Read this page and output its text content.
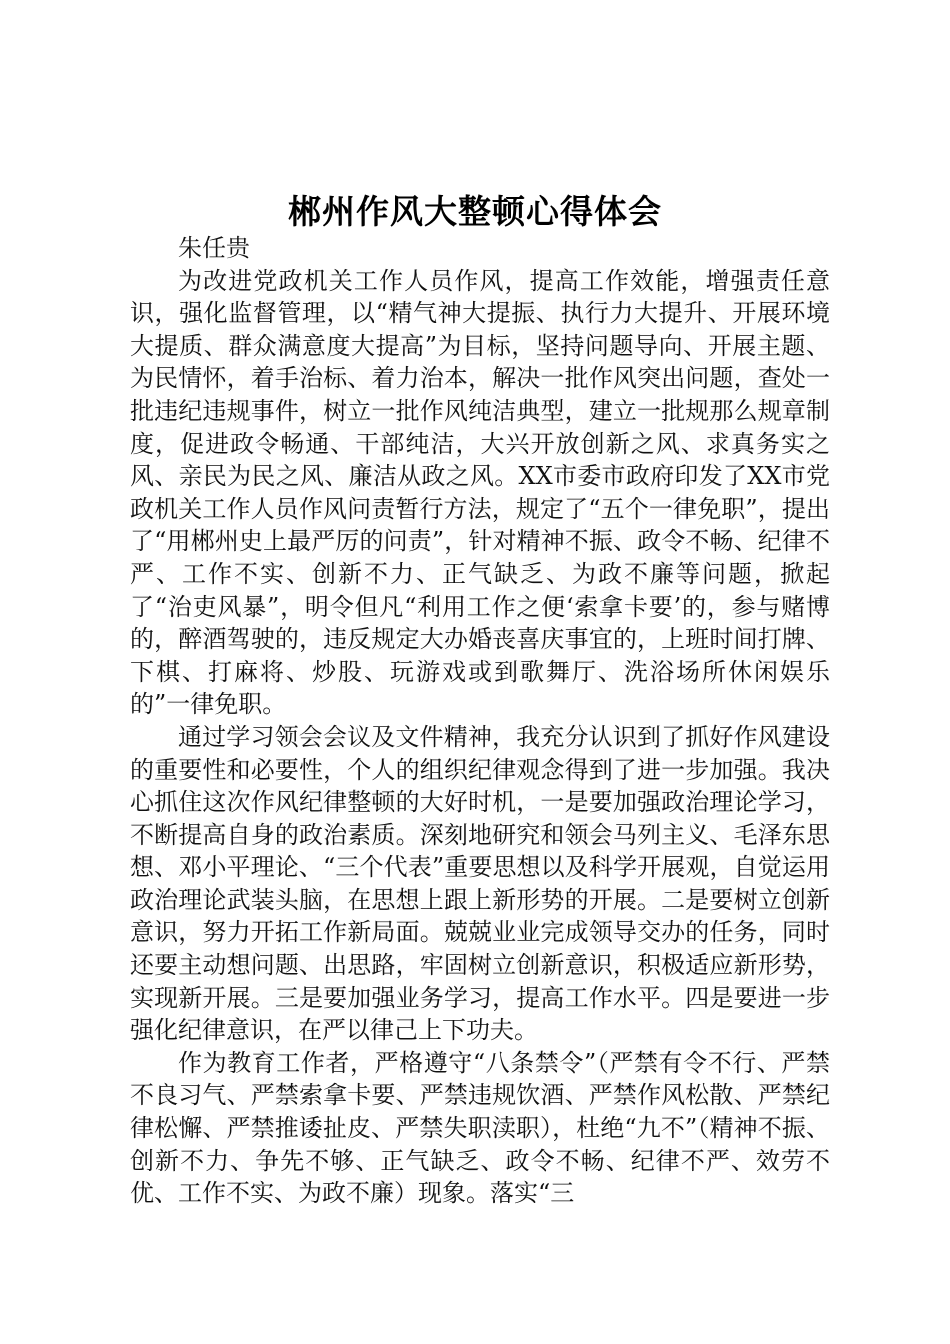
郴州作风大整顿心得体会

朱任贵

为改进党政机关工作人员作风，提高工作效能，增强责任意识，强化监督管理，以“精气神大提振、执行力大提升、开展环境大提质、群众满意度大提高”为目标，坚持问题导向、开展主题、为民情怀，着手治标、着力治本，解决一批作风突出问题，查处一批违纪违规事件，树立一批作风纯洁典型，建立一批规那么规章制度，促进政令畅通、干部纯洁，大兴开放创新之风、求真务实之风、亲民为民之风、廉洁从政之风。XX市委市政府印发了XX市党政机关工作人员作风问责暂行方法，规定了“五个一律免职”，提出了“用郴州史上最严厉的问责”，针对精神不振、政令不畅、纪律不严、工作不实、创新不力、正气缺乏、为政不廉等问题，掀起了“治吏风暴”，明令但凡“利用工作之便‘索拿卡要’的，参与赌博的，醉酒驾驶的，违反规定大办婚丧喜庆事宜的，上班时间打牌、下棋、打麻将、炒股、玩游戏或到歌舞厅、洗浴场所休闲娱乐的”一律免职。

通过学习领会会议及文件精神，我充分认识到了抓好作风建设的重要性和必要性，个人的组织纪律观念得到了进一步加强。我决心抓住这次作风纪律整顿的大好时机，一是要加强政治理论学习，不断提高自身的政治素质。深刻地研究和领会马列主义、毛泽东思想、邓小平理论、“三个代表”重要思想以及科学开展观，自觉运用政治理论武装头脑，在思想上跟上新形势的开展。二是要树立创新意识，努力开拓工作新局面。兢兢业业完成领导交办的任务，同时还要主动想问题、出思路，牢固树立创新意识，积极适应新形势，实现新开展。三是要加强业务学习，提高工作水平。四是要进一步强化纪律意识，在严以律己上下功夫。

作为教育工作者，严格遵守“八条禁令”（严禁有令不行、严禁不良习气、严禁索拿卡要、严禁违规饮酒、严禁作风松散、严禁纪律松懈、严禁推诿扯皮、严禁失职渎职），杜绝“九不”（精神不振、创新不力、争先不够、正气缺乏、政令不畅、纪律不严、效劳不优、工作不实、为政不廉）现象。落实“三
